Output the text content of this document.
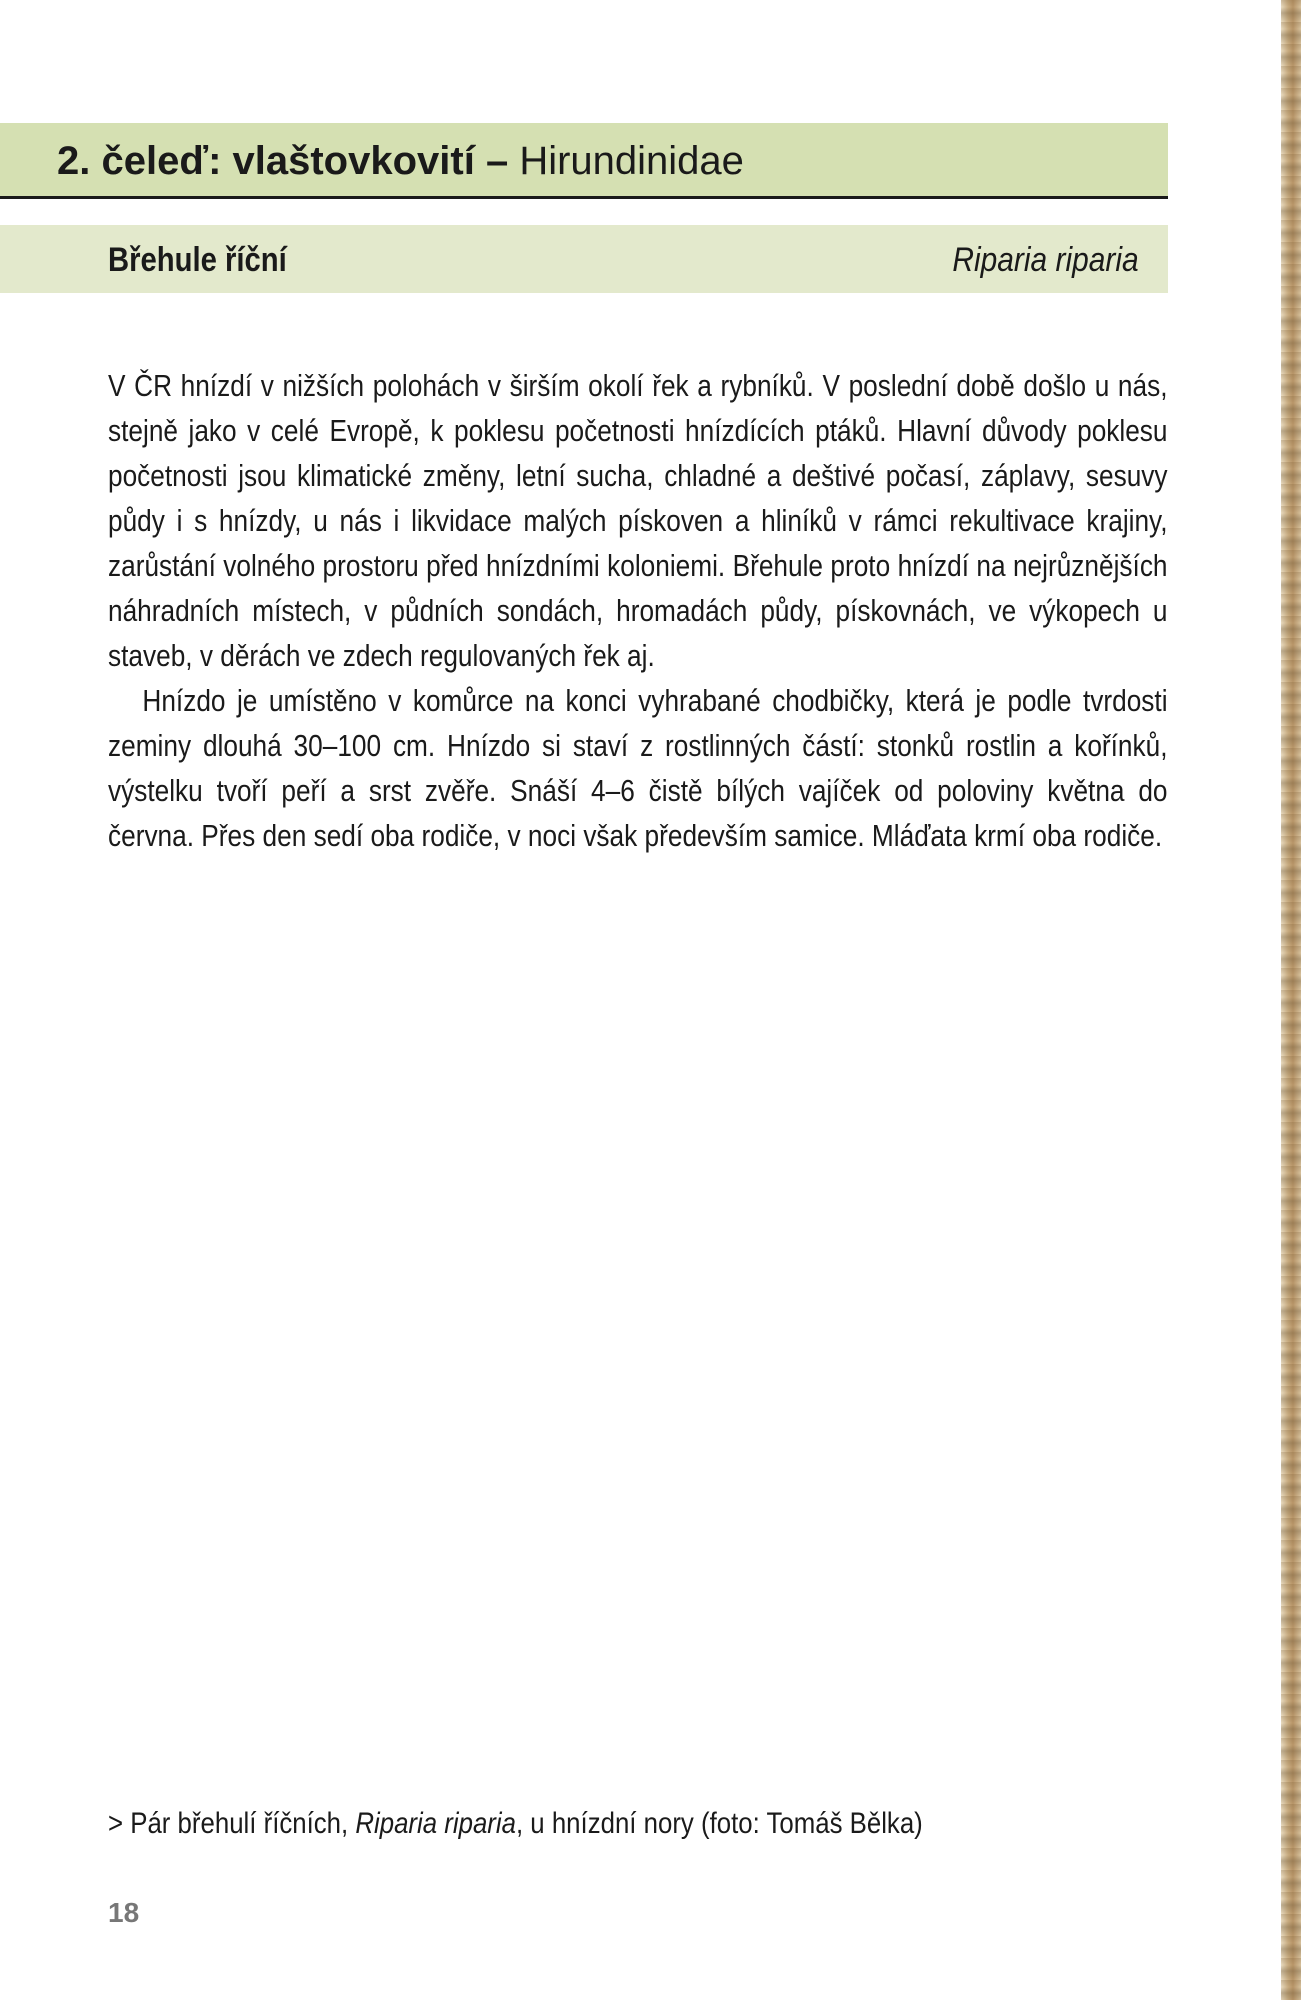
2. čeleď: vlaštovkovití – Hirundinidae
Břehule říční	Riparia riparia

V ČR hnízdí v nižších polohách v širším okolí řek a rybníků. V poslední době došlo u nás, stejně jako v celé Evropě, k poklesu početnosti hnízdících ptáků. Hlavní důvody poklesu početnosti jsou klimatické změny, letní sucha, chladné a deštivé počasí, záplavy, sesuvy půdy i s hnízdy, u nás i likvidace malých pískoven a hliníků v rámci rekultivace krajiny, zarůstání volného prostoru před hnízdními koloniemi. Břehule proto hnízdí na nejrůznějších náhradních místech, v půdních sondách, hromadách půdy, pískovnách, ve výkopech u staveb, v děrách ve zdech regulovaných řek aj.

Hnízdo je umístěno v komůrce na konci vyhrabané chodbičky, která je podle tvrdosti zeminy dlouhá 30–100 cm. Hnízdo si staví z rostlinných částí: stonků rostlin a kořínků, výstelku tvoří peří a srst zvěře. Snáší 4–6 čistě bílých vajíček od poloviny května do června. Přes den sedí oba rodiče, v noci však především samice. Mláďata krmí oba rodiče.

> Pár břehulí říčních, Riparia riparia, u hnízdní nory (foto: Tomáš Bělka)
18
